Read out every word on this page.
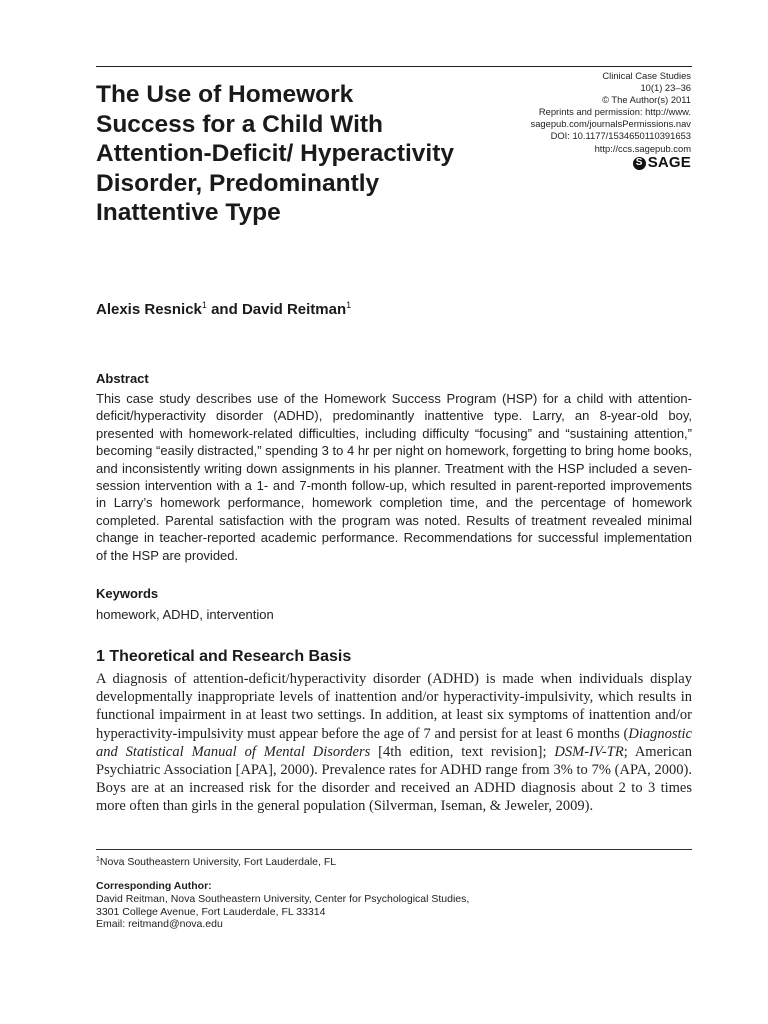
The Use of Homework Success for a Child With Attention-Deficit/ Hyperactivity Disorder, Predominantly Inattentive Type
Clinical Case Studies
10(1) 23–36
© The Author(s) 2011
Reprints and permission: http://www.
sagepub.com/journalsPermissions.nav
DOI: 10.1177/1534650110391653
http://ccs.sagepub.com
S SAGE
Alexis Resnick$^1$ and David Reitman$^1$
Abstract

This case study describes use of the Homework Success Program (HSP) for a child with attention-deficit/hyperactivity disorder (ADHD), predominantly inattentive type. Larry, an 8-year-old boy, presented with homework-related difficulties, including difficulty “focusing” and “sustaining attention,” becoming “easily distracted,” spending 3 to 4 hr per night on homework, forgetting to bring home books, and inconsistently writing down assignments in his planner. Treatment with the HSP included a seven-session intervention with a 1- and 7-month follow-up, which resulted in parent-reported improvements in Larry’s homework performance, homework completion time, and the percentage of homework completed. Parental satisfaction with the program was noted. Results of treatment revealed minimal change in teacher-reported academic performance. Recommendations for successful implementation of the HSP are provided.

Keywords
homework, ADHD, intervention
1 Theoretical and Research Basis

A diagnosis of attention-deficit/hyperactivity disorder (ADHD) is made when individuals display developmentally inappropriate levels of inattention and/or hyperactivity-impulsivity, which results in functional impairment in at least two settings. In addition, at least six symptoms of inattention and/or hyperactivity-impulsivity must appear before the age of 7 and persist for at least 6 months (Diagnostic and Statistical Manual of Mental Disorders [4th edition, text revision]; DSM-IV-TR; American Psychiatric Association [APA], 2000). Prevalence rates for ADHD range from 3% to 7% (APA, 2000). Boys are at an increased risk for the disorder and received an ADHD diagnosis about 2 to 3 times more often than girls in the general population (Silverman, Iseman, & Jeweler, 2009).

$^1$Nova Southeastern University, Fort Lauderdale, FL
Corresponding Author:
David Reitman, Nova Southeastern University, Center for Psychological Studies,
3301 College Avenue, Fort Lauderdale, FL 33314
Email: reitmand@nova.edu
